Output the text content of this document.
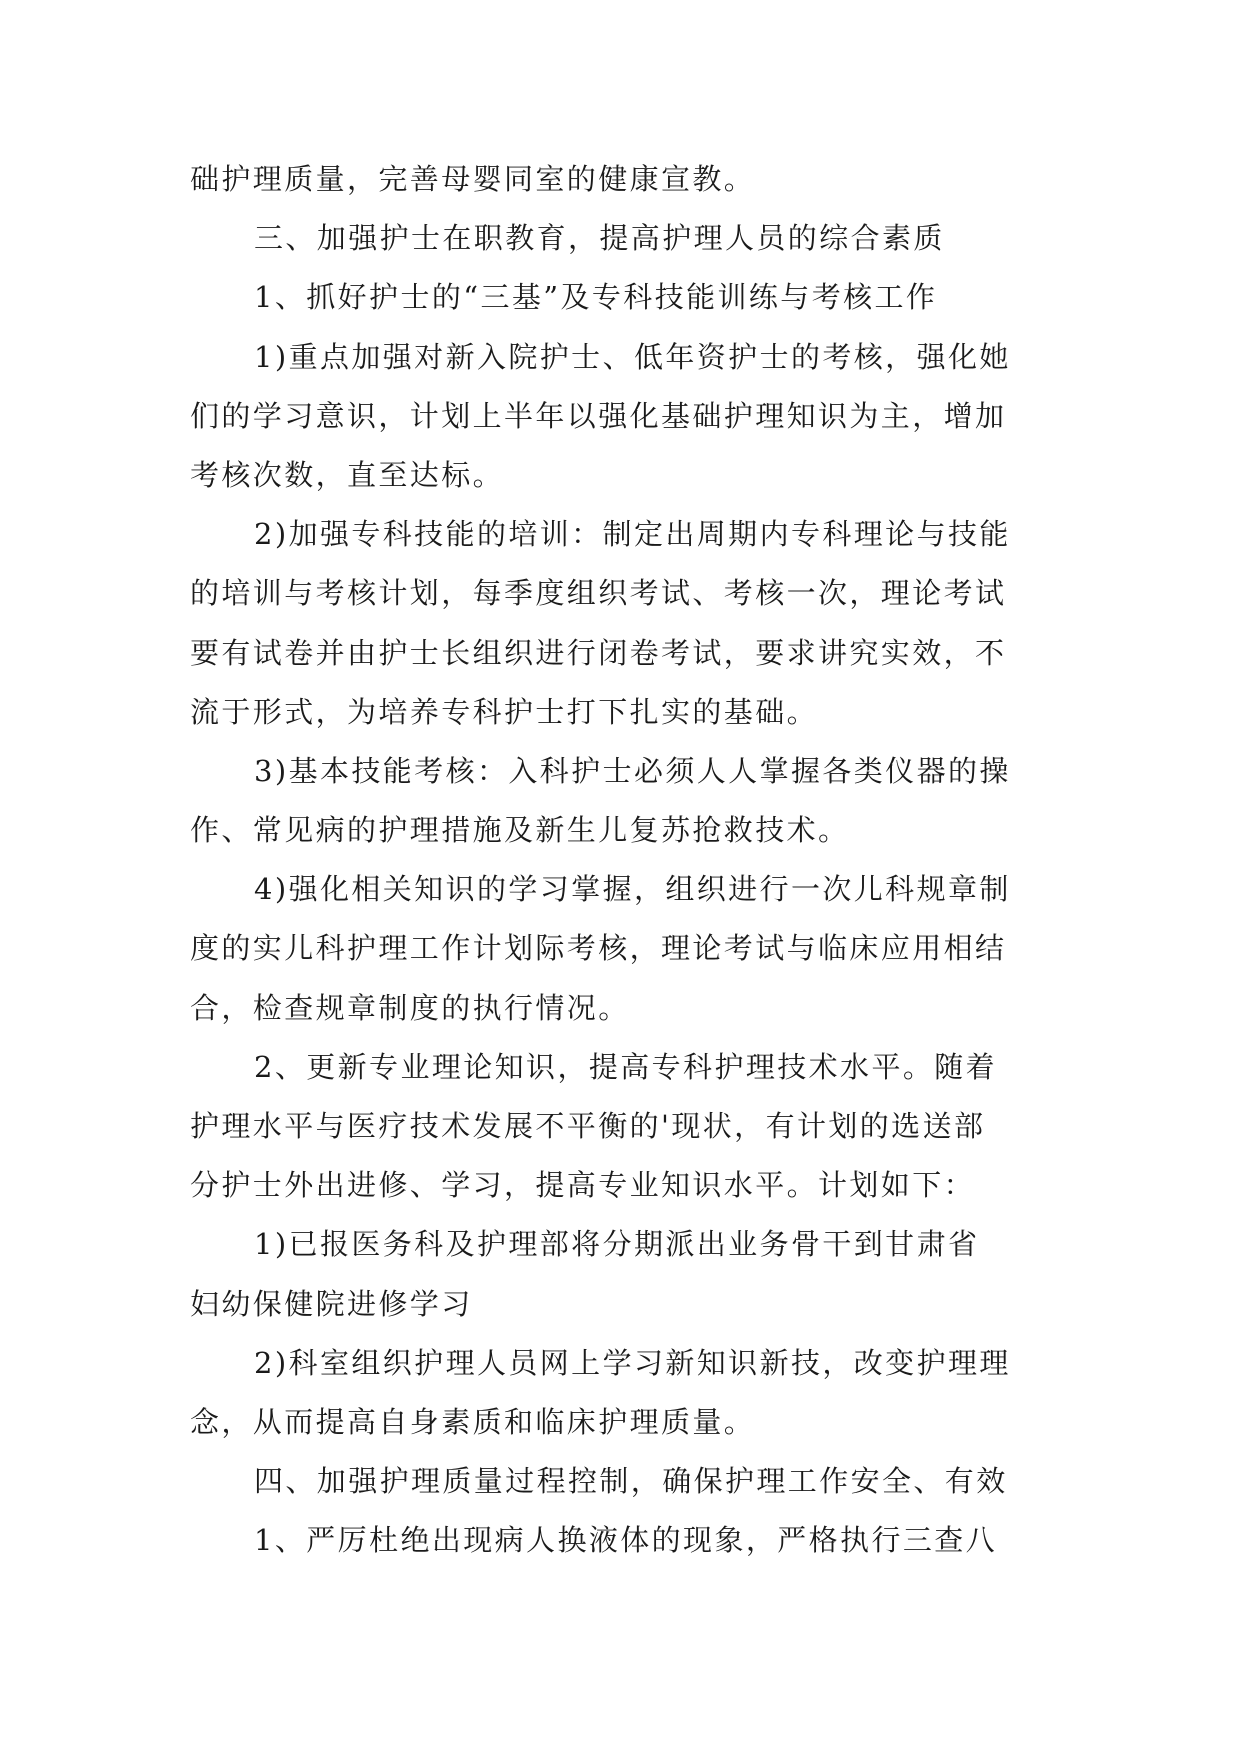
础护理质量，完善母婴同室的健康宣教。
三、加强护士在职教育，提高护理人员的综合素质
1、抓好护士的“三基”及专科技能训练与考核工作
1)重点加强对新入院护士、低年资护士的考核，强化她
们的学习意识，计划上半年以强化基础护理知识为主，增加
考核次数，直至达标。
2)加强专科技能的培训：制定出周期内专科理论与技能
的培训与考核计划，每季度组织考试、考核一次，理论考试
要有试卷并由护士长组织进行闭卷考试，要求讲究实效，不
流于形式，为培养专科护士打下扎实的基础。
3)基本技能考核：入科护士必须人人掌握各类仪器的操
作、常见病的护理措施及新生儿复苏抢救技术。
4)强化相关知识的学习掌握，组织进行一次儿科规章制
度的实儿科护理工作计划际考核，理论考试与临床应用相结
合，检查规章制度的执行情况。
2、更新专业理论知识，提高专科护理技术水平。随着
护理水平与医疗技术发展不平衡的'现状，有计划的选送部
分护士外出进修、学习，提高专业知识水平。计划如下：
1)已报医务科及护理部将分期派出业务骨干到甘肃省
妇幼保健院进修学习
2)科室组织护理人员网上学习新知识新技，改变护理理
念，从而提高自身素质和临床护理质量。
四、加强护理质量过程控制，确保护理工作安全、有效
1、严厉杜绝出现病人换液体的现象，严格执行三查八
